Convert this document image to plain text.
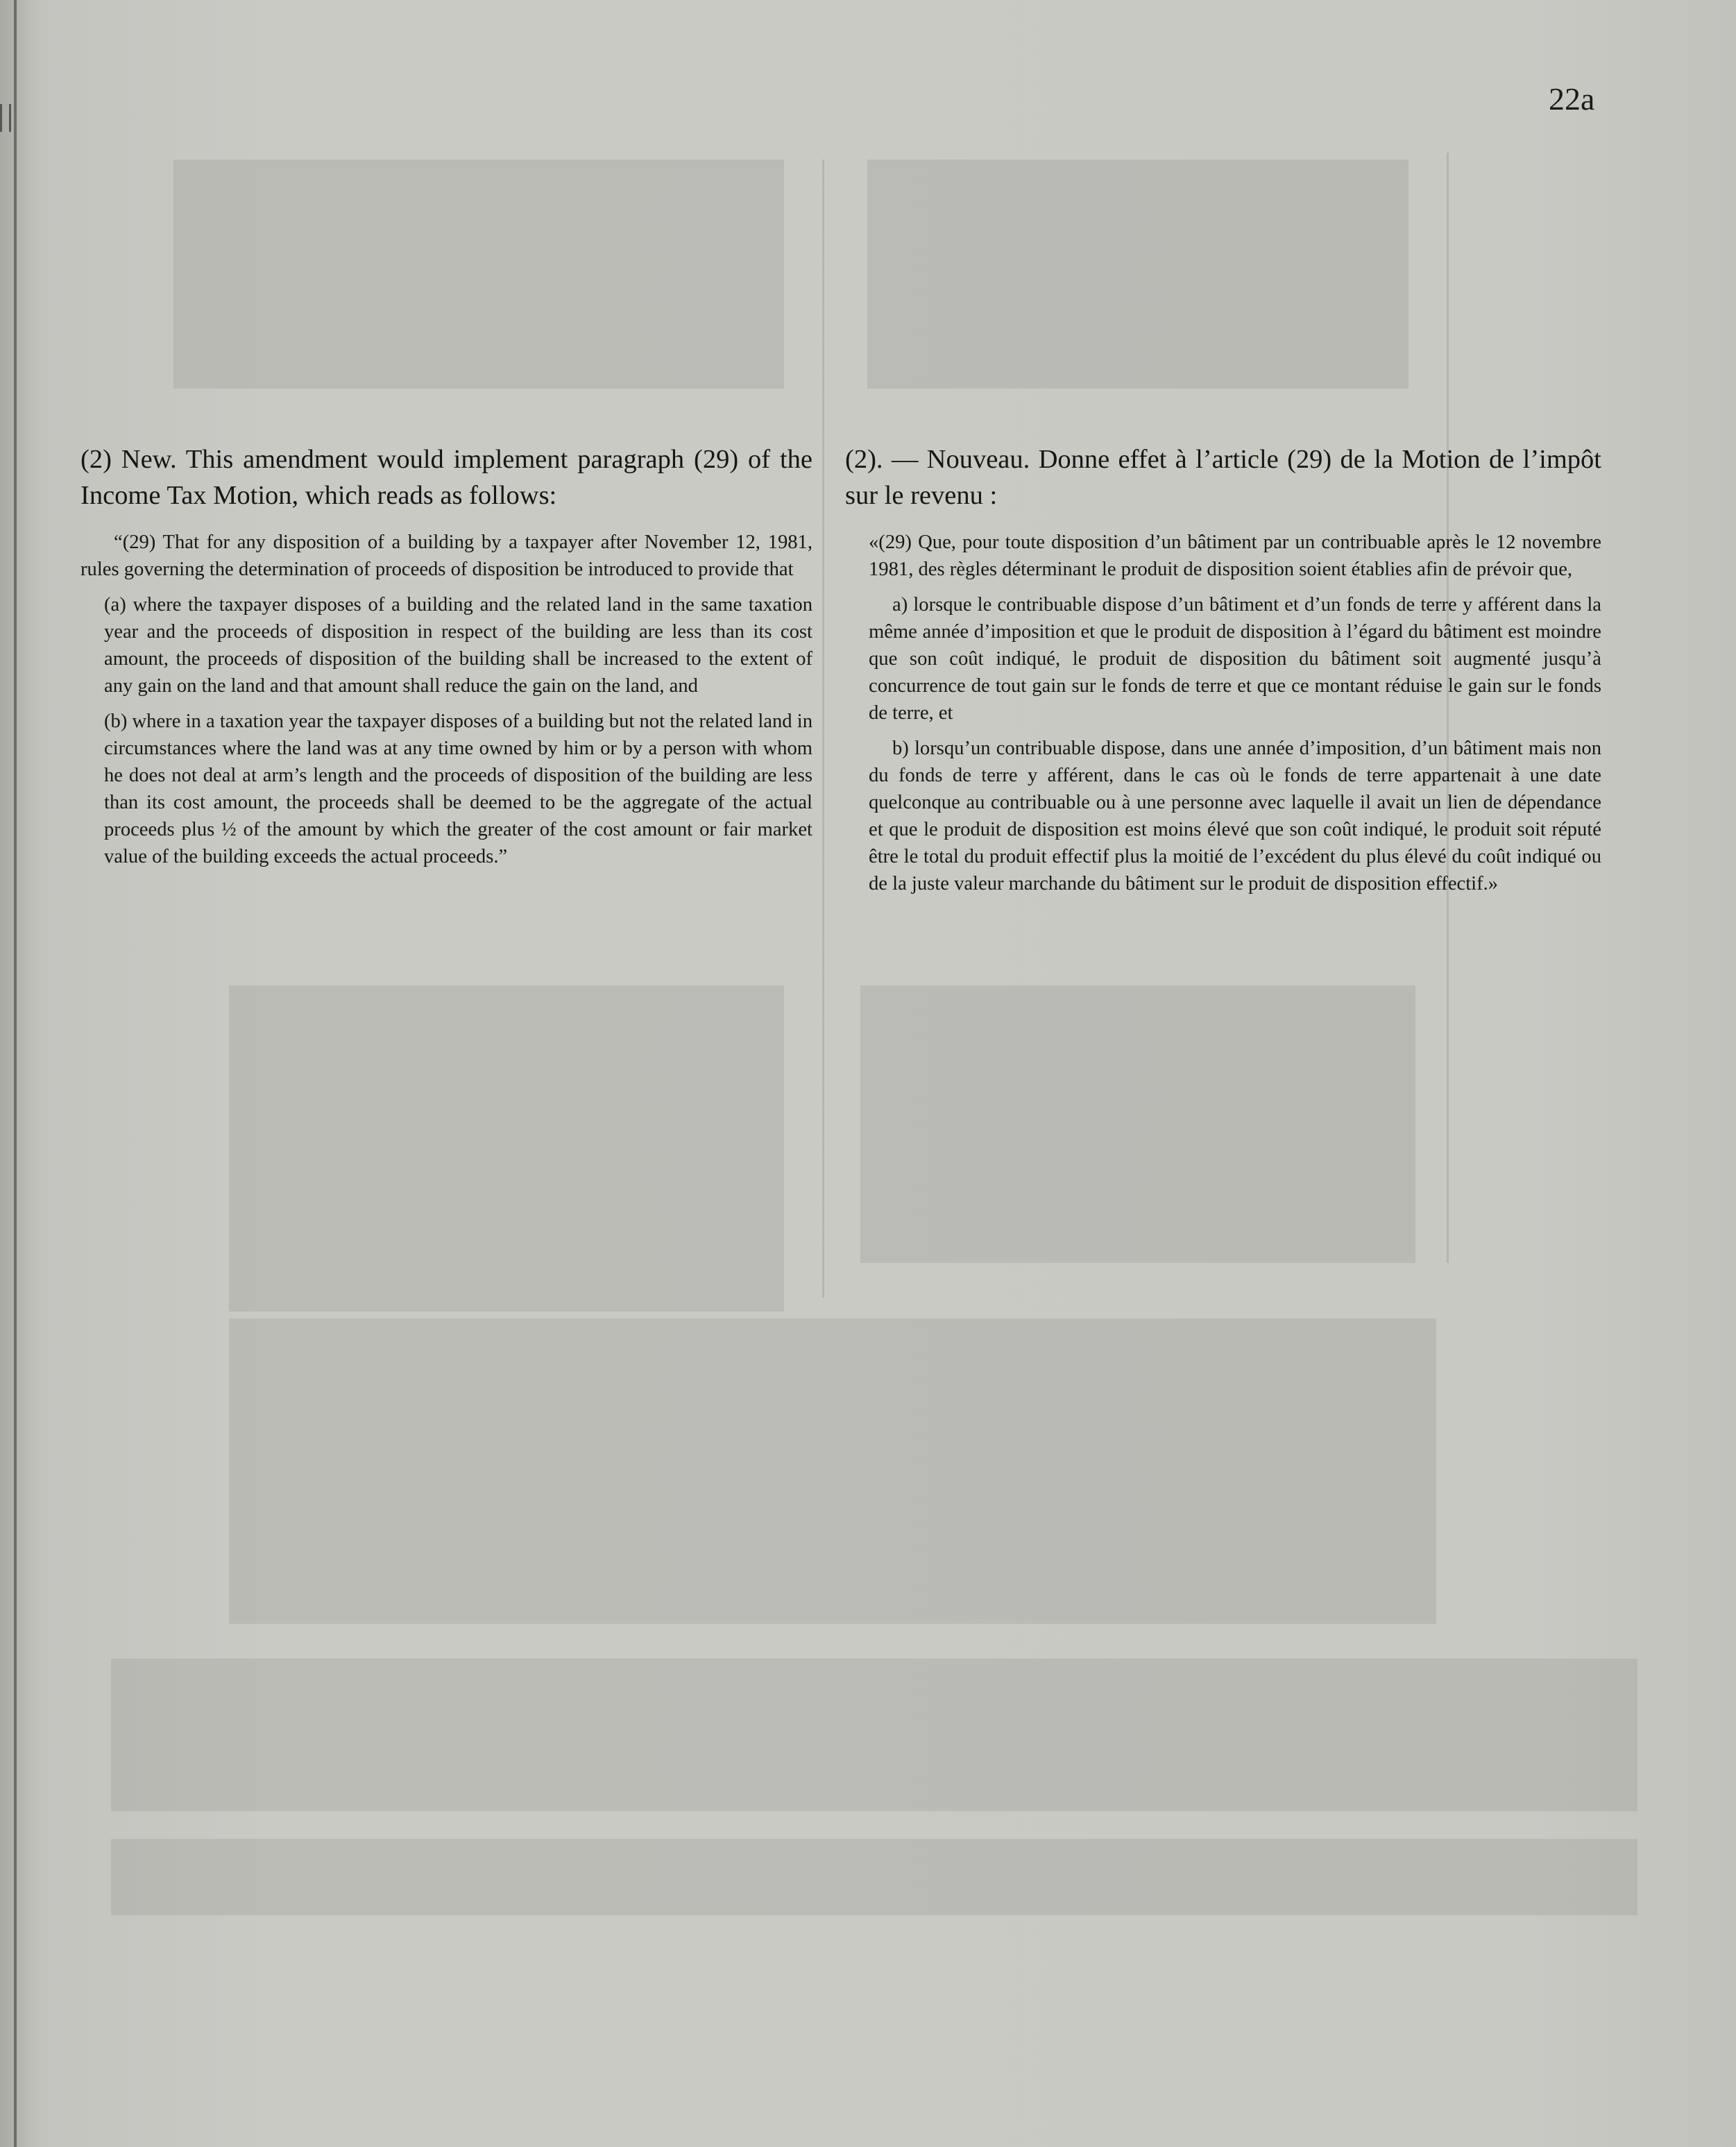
22a

(2) New. This amendment would implement paragraph (29) of the Income Tax Motion, which reads as follows:

“(29) That for any disposition of a building by a taxpayer after November 12, 1981, rules governing the determination of proceeds of disposition be introduced to provide that

(a) where the taxpayer disposes of a building and the related land in the same taxation year and the proceeds of disposition in respect of the building are less than its cost amount, the proceeds of disposition of the building shall be increased to the extent of any gain on the land and that amount shall reduce the gain on the land, and

(b) where in a taxation year the taxpayer disposes of a building but not the related land in circumstances where the land was at any time owned by him or by a person with whom he does not deal at arm’s length and the proceeds of disposition of the building are less than its cost amount, the proceeds shall be deemed to be the aggregate of the actual proceeds plus ½ of the amount by which the greater of the cost amount or fair market value of the building exceeds the actual proceeds.”

(2). — Nouveau. Donne effet à l’article (29) de la Motion de l’impôt sur le revenu :

«(29) Que, pour toute disposition d’un bâtiment par un contribuable après le 12 novembre 1981, des règles déterminant le produit de disposition soient établies afin de prévoir que,

a) lorsque le contribuable dispose d’un bâtiment et d’un fonds de terre y afférent dans la même année d’imposition et que le produit de disposition à l’égard du bâtiment est moindre que son coût indiqué, le produit de disposition du bâtiment soit augmenté jusqu’à concurrence de tout gain sur le fonds de terre et que ce montant réduise le gain sur le fonds de terre, et

b) lorsqu’un contribuable dispose, dans une année d’imposition, d’un bâtiment mais non du fonds de terre y afférent, dans le cas où le fonds de terre appartenait à une date quelconque au contribuable ou à une personne avec laquelle il avait un lien de dépendance et que le produit de disposition est moins élevé que son coût indiqué, le produit soit réputé être le total du produit effectif plus la moitié de l’excédent du plus élevé du coût indiqué ou de la juste valeur marchande du bâtiment sur le produit de disposition effectif.»
